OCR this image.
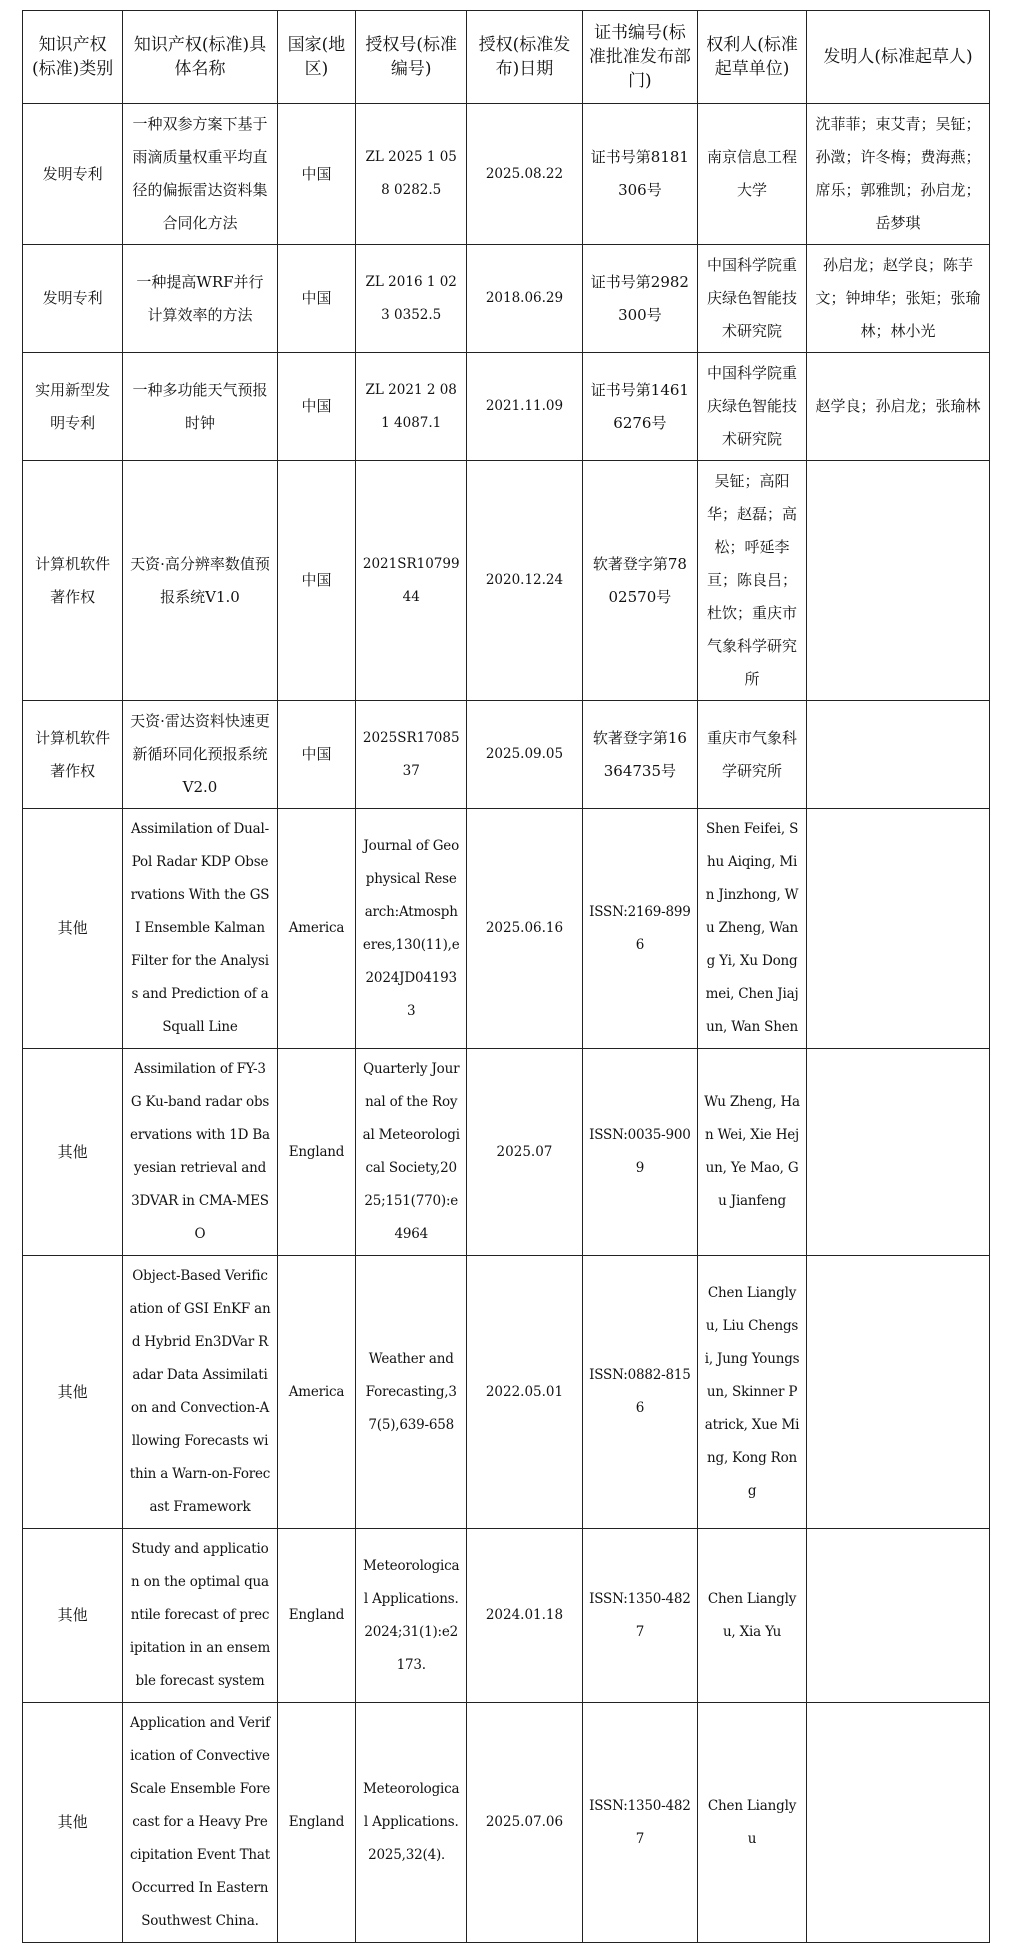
知识产权(标准)类别	知识产权(标准)具体名称	国家(地区)	授权号(标准编号)	授权(标准发布)日期	证书编号(标准批准发布部门)	权利人(标准起草单位)	发明人(标准起草人)
发明专利	一种双参方案下基于雨滴质量权重平均直径的偏振雷达资料集合同化方法	中国	ZL 2025 1 058 0282.5	2025.08.22	证书号第8181306号	南京信息工程大学	沈菲菲；束艾青；吴钲；孙澂；许冬梅；费海燕；席乐；郭雅凯；孙启龙；岳梦琪
发明专利	一种提高WRF并行计算效率的方法	中国	ZL 2016 1 023 0352.5	2018.06.29	证书号第2982300号	中国科学院重庆绿色智能技术研究院	孙启龙；赵学良；陈芋文；钟坤华；张矩；张瑜林；林小光
实用新型发明专利	一种多功能天气预报时钟	中国	ZL 2021 2 081 4087.1	2021.11.09	证书号第14616276号	中国科学院重庆绿色智能技术研究院	赵学良；孙启龙；张瑜林
计算机软件著作权	天资·高分辨率数值预报系统V1.0	中国	2021SR1079944	2020.12.24	软著登字第7802570号	吴钲；高阳华；赵磊；高松；呼延李亘；陈良吕；杜饮；重庆市气象科学研究所	
计算机软件著作权	天资·雷达资料快速更新循环同化预报系统V2.0	中国	2025SR1708537	2025.09.05	软著登字第16364735号	重庆市气象科学研究所	
其他	Assimilation of Dual-Pol Radar KDP Observations With the GSI Ensemble Kalman Filter for the Analysis and Prediction of a Squall Line	America	Journal of Geophysical Research:Atmospheres,130(11),e2024JD041933	2025.06.16	ISSN:2169-8996	Shen Feifei, Shu Aiqing, Min Jinzhong, Wu Zheng, Wang Yi, Xu Dongmei, Chen Jiajun, Wan Shen	
其他	Assimilation of FY-3G Ku-band radar observations with 1D Bayesian retrieval and 3DVAR in CMA-MESO	England	Quarterly Journal of the Royal Meteorological Society,2025;151(770):e4964	2025.07	ISSN:0035-9009	Wu Zheng, Han Wei, Xie Hejun, Ye Mao, Gu Jianfeng	
其他	Object-Based Verification of GSI EnKF and Hybrid En3DVar Radar Data Assimilation and Convection-Allowing Forecasts within a Warn-on-Forecast Framework	America	Weather and Forecasting,37(5),639-658	2022.05.01	ISSN:0882-8156	Chen Lianglyu, Liu Chengsi, Jung Youngsun, Skinner Patrick, Xue Ming, Kong Rong	
其他	Study and application on the optimal quantile forecast of precipitation in an ensemble forecast system	England	Meteorological Applications.2024;31(1):e2173.	2024.01.18	ISSN:1350-4827	Chen Lianglyu, Xia Yu	
其他	Application and Verification of Convective Scale Ensemble Forecast for a Heavy Precipitation Event That Occurred In Eastern Southwest China.	England	Meteorological Applications.2025,32(4)．	2025.07.06	ISSN:1350-4827	Chen Lianglyu	
